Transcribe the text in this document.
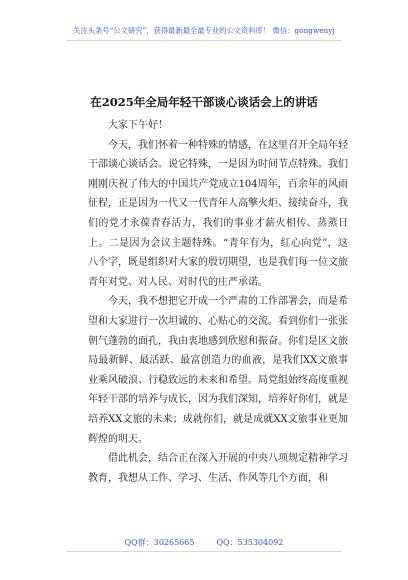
关注头条号“公文研究”，获得最新最全最专业的公文资料库！ 微信：gongwenyj
在2025年全局年轻干部谈心谈话会上的讲话

大家下午好！

今天，我们怀着一种特殊的情感，在这里召开全局年轻干部谈心谈话会。说它特殊，一是因为时间节点特殊。我们刚刚庆祝了伟大的中国共产党成立104周年，百余年的风雨征程，正是因为一代又一代青年人高擎火炬、接续奋斗，我们的党才永葆青春活力，我们的事业才薪火相传、蒸蒸日上。二是因为会议主题特殊。“青年有为，红心向党”，这八个字，既是组织对大家的殷切期望，也是我们每一位文旅青年对党、对人民、对时代的庄严承诺。

今天，我不想把它开成一个严肃的工作部署会，而是希望和大家进行一次坦诚的、心贴心的交流。看到你们一张张朝气蓬勃的面孔，我由衷地感到欣慰和振奋。你们是区文旅局最新鲜、最活跃、最富创造力的血液，是我们XX文旅事业乘风破浪、行稳致远的未来和希望。局党组始终高度重视年轻干部的培养与成长，因为我们深知，培养好你们，就是培养XX文旅的未来；成就你们，就是成就XX文旅事业更加辉煌的明天。

借此机会，结合正在深入开展的中央八项规定精神学习教育，我想从工作、学习、生活、作风等几个方面，和

QQ群：30265665	QQ：535304092
